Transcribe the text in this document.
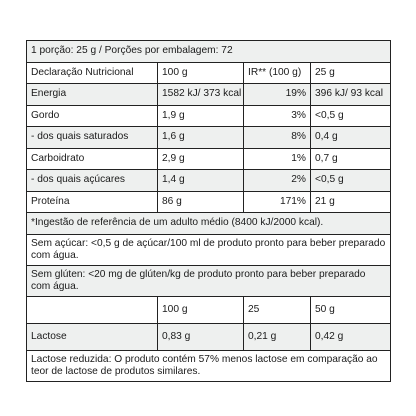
1 porção: 25 g / Porções por embalagem: 72			
Declaração Nutricional	100 g	IR** (100 g)	25 g
Energia	1582 kJ/ 373 kcal	19%	396 kJ/ 93 kcal
Gordo	1,9 g	3%	<0,5 g
- dos quais saturados	1,6 g	8%	0,4 g
Carboidrato	2,9 g	1%	0,7 g
- dos quais açúcares	1,4 g	2%	<0,5 g
Proteína	86 g	171%	21 g
*Ingestão de referência de um adulto médio (8400 kJ/2000 kcal).			
Sem açúcar: <0,5 g de açúcar/100 ml de produto pronto para beber preparado com água.			
Sem glúten: <20 mg de glúten/kg de produto pronto para beber preparado com água.			
	100 g	25	50 g
Lactose	0,83 g	0,21 g	0,42 g
Lactose reduzida: O produto contém 57% menos lactose em comparação ao teor de lactose de produtos similares.			
